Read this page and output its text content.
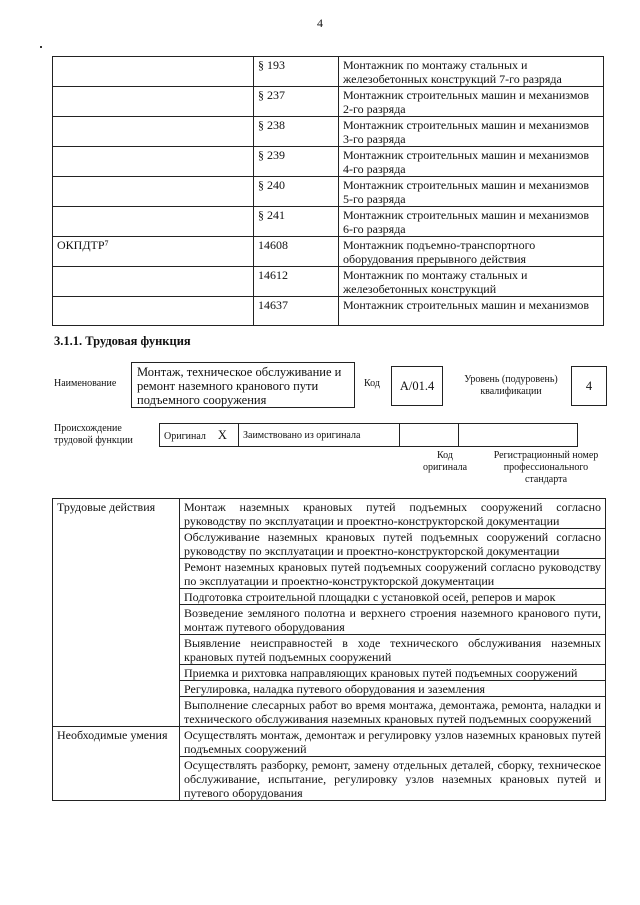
4
	§ 193	Монтажник по монтажу стальных и железобетонных конструкций 7-го разряда
	§ 237	Монтажник строительных машин и механизмов 2-го разряда
	§ 238	Монтажник строительных машин и механизмов 3-го разряда
	§ 239	Монтажник строительных машин и механизмов 4-го разряда
	§ 240	Монтажник строительных машин и механизмов 5-го разряда
	§ 241	Монтажник строительных машин и механизмов 6-го разряда
ОКПДТР⁷	14608	Монтажник подъемно-транспортного оборудования прерывного действия
	14612	Монтажник по монтажу стальных и железобетонных конструкций
	14637	Монтажник строительных машин и механизмов
3.1.1. Трудовая функция
Наименование
Монтаж, техническое обслуживание и ремонт наземного кранового пути подъемного сооружения
Код	А/01.4	Уровень (подуровень) квалификации	4
Происхождение трудовой функции	Оригинал X	Заимствовано из оригинала		
Код оригинала
Регистрационный номер профессионального стандарта
Трудовые действия	Монтаж наземных крановых путей подъемных сооружений согласно руководству по эксплуатации и проектно-конструкторской документации
	Обслуживание наземных крановых путей подъемных сооружений согласно руководству по эксплуатации и проектно-конструкторской документации
	Ремонт наземных крановых путей подъемных сооружений согласно руководству по эксплуатации и проектно-конструкторской документации
	Подготовка строительной площадки с установкой осей, реперов и марок
	Возведение земляного полотна и верхнего строения наземного кранового пути, монтаж путевого оборудования
	Выявление неисправностей в ходе технического обслуживания наземных крановых путей подъемных сооружений
	Приемка и рихтовка направляющих крановых путей подъемных сооружений
	Регулировка, наладка путевого оборудования и заземления
	Выполнение слесарных работ во время монтажа, демонтажа, ремонта, наладки и технического обслуживания наземных крановых путей подъемных сооружений
Необходимые умения	Осуществлять монтаж, демонтаж и регулировку узлов наземных крановых путей подъемных сооружений
	Осуществлять разборку, ремонт, замену отдельных деталей, сборку, техническое обслуживание, испытание, регулировку узлов наземных крановых путей и путевого оборудования
